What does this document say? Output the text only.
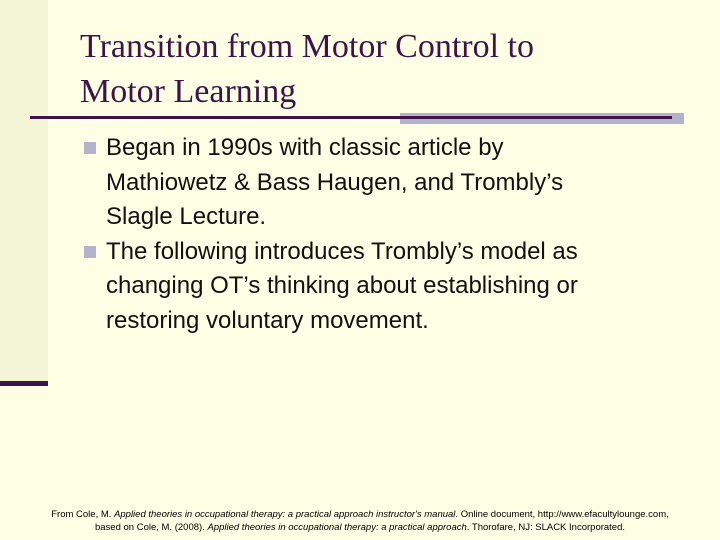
Transition from Motor Control to
Motor Learning
Began in 1990s with classic article by
Mathiowetz & Bass Haugen, and Trombly’s
Slagle Lecture.
The following introduces Trombly’s model as
changing OT’s thinking about establishing or
restoring voluntary movement.

From Cole, M. Applied theories in occupational therapy: a practical approach instructor's manual. Online document, http://www.efacultylounge.com,
based on Cole, M. (2008). Applied theories in occupational therapy: a practical approach. Thorofare, NJ: SLACK Incorporated.
